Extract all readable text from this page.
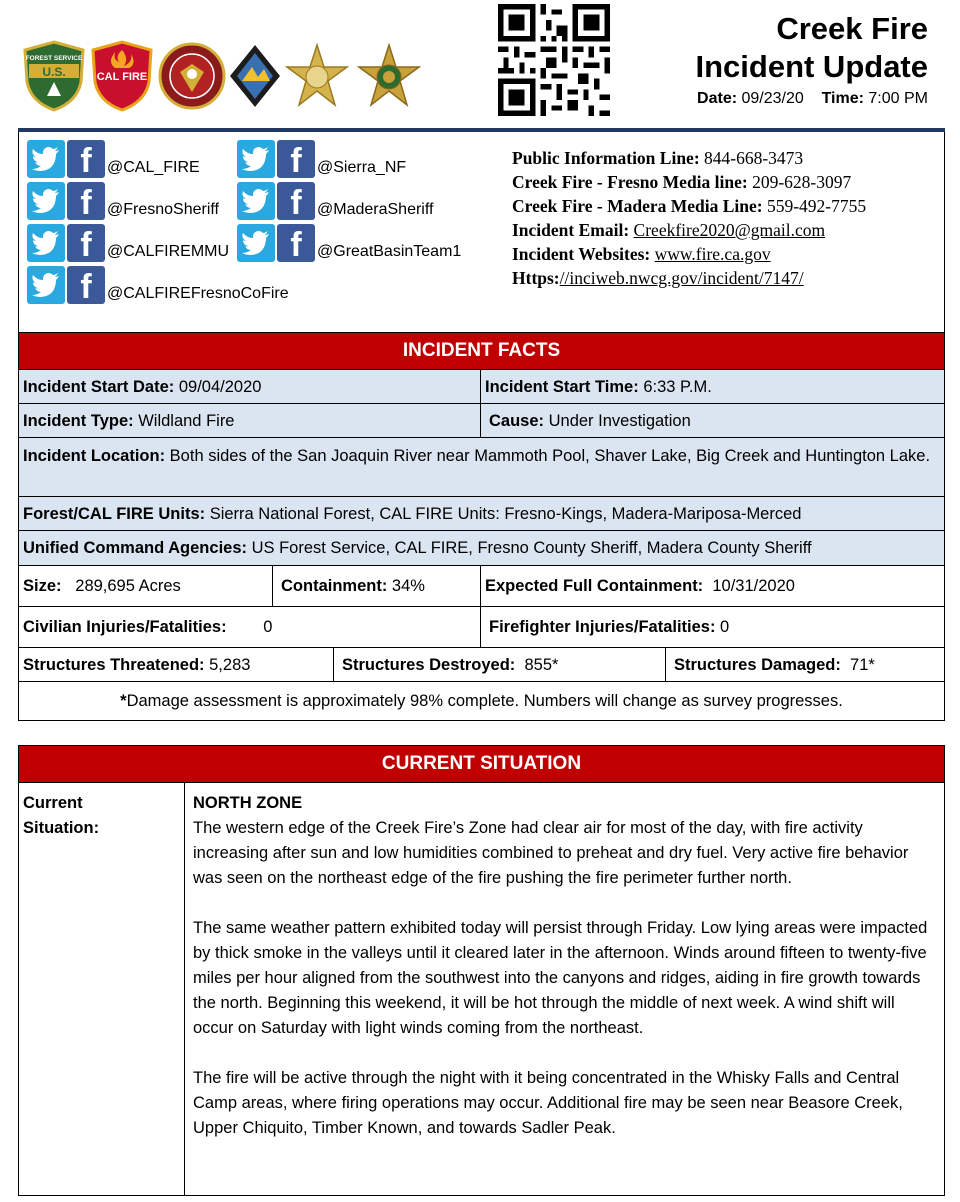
FOREST SERVICE
U.S.	CAL FIRE
Creek Fire
Incident Update
Date: 09/23/20 Time: 7:00 PM
f @CAL_FIRE	f @Sierra_NF
f @FresnoSheriff f @MaderaSheriff
f @CALFIREMMU f @GreatBasinTeam1
f @CALFIREFresnoCoFire
Public Information Line: 844-668-3473
Creek Fire - Fresno Media line: 209-628-3097
Creek Fire - Madera Media Line: 559-492-7755
Incident Email: Creekfire2020@gmail.com
Incident Websites: www.fire.ca.gov
Https://inciweb.nwcg.gov/incident/7147/
INCIDENT FACTS
Incident Start Date: 09/04/2020	Incident Start Time: 6:33 P.M.
Incident Type: Wildland Fire	Cause: Under Investigation
Incident Location: Both sides of the San Joaquin River near Mammoth Pool, Shaver Lake, Big Creek and Huntington Lake.
Forest/CAL FIRE Units: Sierra National Forest, CAL FIRE Units: Fresno-Kings, Madera-Mariposa-Merced
Unified Command Agencies: US Forest Service, CAL FIRE, Fresno County Sheriff, Madera County Sheriff
Size: 289,695 Acres	Containment: 34%	Expected Full Containment: 10/31/2020
Civilian Injuries/Fatalities: 0	Firefighter Injuries/Fatalities: 0
Structures Threatened: 5,283	Structures Destroyed: 855*	Structures Damaged: 71*
* Damage assessment is approximately 98% complete. Numbers will change as survey progresses.
CURRENT SITUATION
Current
Situation:
NORTH ZONE

The western edge of the Creek Fire’s Zone had clear air for most of the day, with fire activity increasing after sun and low humidities combined to preheat and dry fuel. Very active fire behavior was seen on the northeast edge of the fire pushing the fire perimeter further north.

The same weather pattern exhibited today will persist through Friday. Low lying areas were impacted by thick smoke in the valleys until it cleared later in the afternoon. Winds around fifteen to twenty-five miles per hour aligned from the southwest into the canyons and ridges, aiding in fire growth towards the north. Beginning this weekend, it will be hot through the middle of next week. A wind shift will occur on Saturday with light winds coming from the northeast.

The fire will be active through the night with it being concentrated in the Whisky Falls and Central Camp areas, where firing operations may occur. Additional fire may be seen near Beasore Creek, Upper Chiquito, Timber Known, and towards Sadler Peak.
